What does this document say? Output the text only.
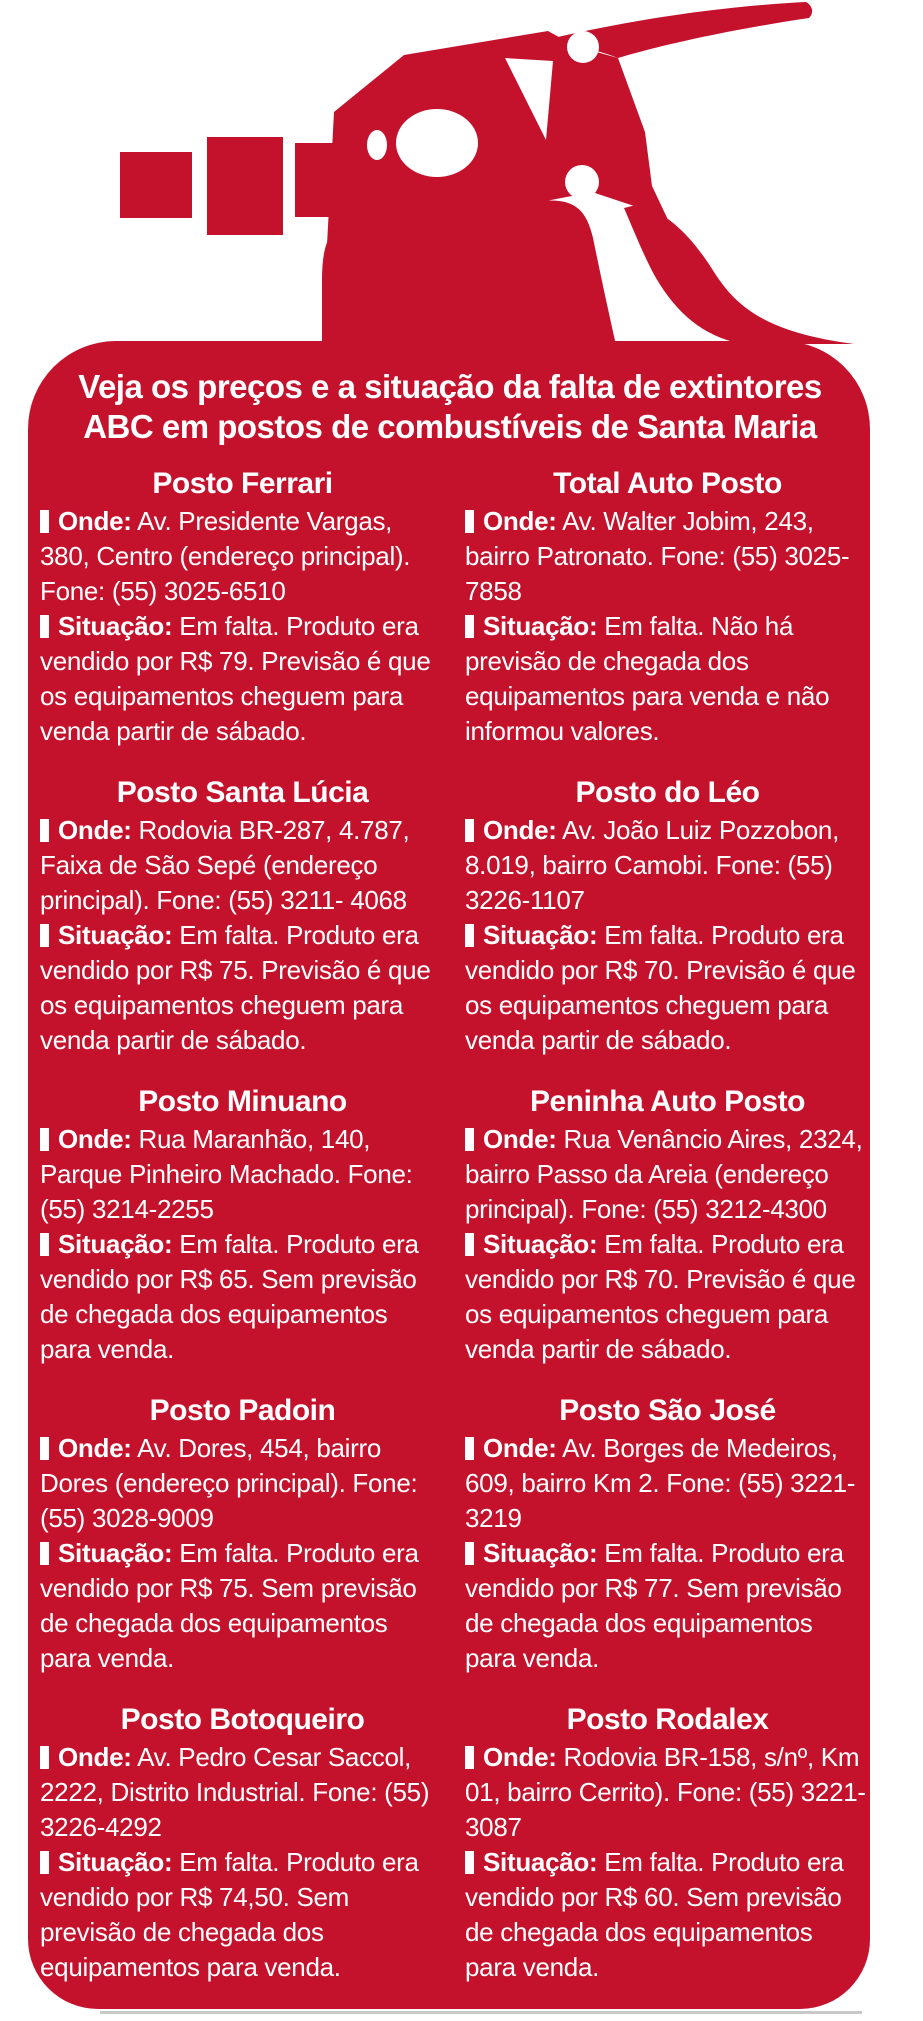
Veja os preços e a situação da falta de extintores
ABC em postos de combustíveis de Santa Maria
Posto Ferrari

Onde: Av. Presidente Vargas, 380, Centro (endereço principal). Fone: (55) 3025-6510

Situação: Em falta. Produto era vendido por R$ 79. Previsão é que os equipamentos cheguem para venda partir de sábado.

Posto Santa Lúcia

Onde: Rodovia BR-287, 4.787, Faixa de São Sepé (endereço principal). Fone: (55) 3211- 4068

Situação: Em falta. Produto era vendido por R$ 75. Previsão é que os equipamentos cheguem para venda partir de sábado.

Posto Minuano

Onde: Rua Maranhão, 140, Parque Pinheiro Machado. Fone: (55) 3214-2255

Situação: Em falta. Produto era vendido por R$ 65. Sem previsão de chegada dos equipamentos para venda.

Posto Padoin

Onde: Av. Dores, 454, bairro Dores (endereço principal). Fone: (55) 3028-9009

Situação: Em falta. Produto era vendido por R$ 75. Sem previsão de chegada dos equipamentos para venda.

Posto Botoqueiro

Onde: Av. Pedro Cesar Saccol, 2222, Distrito Industrial. Fone: (55) 3226-4292

Situação: Em falta. Produto era vendido por R$ 74,50. Sem previsão de chegada dos equipamentos para venda.

Total Auto Posto

Onde: Av. Walter Jobim, 243, bairro Patronato. Fone: (55) 3025- 7858

Situação: Em falta. Não há previsão de chegada dos equipamentos para venda e não informou valores.

Posto do Léo

Onde: Av. João Luiz Pozzobon, 8.019, bairro Camobi. Fone: (55) 3226-1107

Situação: Em falta. Produto era vendido por R$ 70. Previsão é que os equipamentos cheguem para venda partir de sábado.

Peninha Auto Posto

Onde: Rua Venâncio Aires, 2324, bairro Passo da Areia (endereço principal). Fone: (55) 3212-4300

Situação: Em falta. Produto era vendido por R$ 70. Previsão é que os equipamentos cheguem para venda partir de sábado.

Posto São José

Onde: Av. Borges de Medeiros, 609, bairro Km 2. Fone: (55) 3221-3219

Situação: Em falta. Produto era vendido por R$ 77. Sem previsão de chegada dos equipamentos para venda.

Posto Rodalex

Onde: Rodovia BR-158, s/nº, Km 01, bairro Cerrito). Fone: (55) 3221-3087

Situação: Em falta. Produto era vendido por R$ 60. Sem previsão de chegada dos equipamentos para venda.
